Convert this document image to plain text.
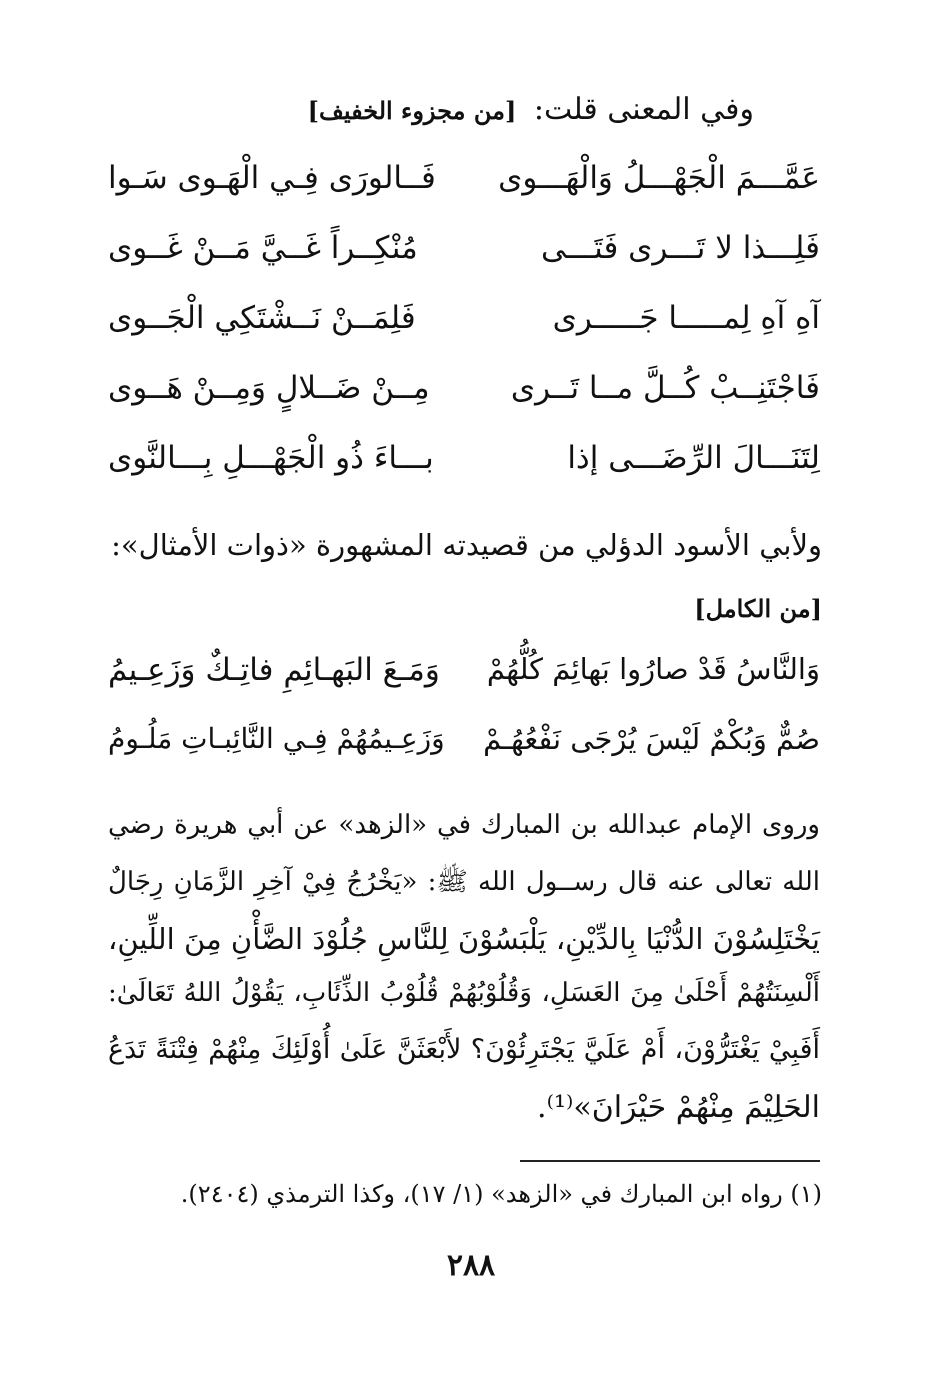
وفي المعنى قلت: [من مجزوء الخفيف]
عَمَّـــمَ الْجَهْـــلُ وَالْهَـــوى
فَــالورَى فِـي الْهَـوى سَـوا
فَلِـــذا لا تَـــرى فَتَـــى
مُنْكِــراً غَــيَّ مَــنْ غَــوى
آهِ آهِ لِمـــــا جَـــــرى
فَلِمَــنْ نَــشْتَكِي الْجَــوى
فَاجْتَنِــبْ كُــلَّ مــا تَــرى
مِــنْ ضَــلالٍ وَمِــنْ هَــوى
لِتَنَـــالَ الرِّضَـــى إذا
بـــاءَ ذُو الْجَهْـــلِ بِـــالنَّوى
ولأبي الأسود الدؤلي من قصيدته المشهورة «ذوات الأمثال»:
[من الكامل]
وَالنَّاسُ قَدْ صارُوا بَهائِمَ كُلُّهُمْ
وَمَـعَ البَهـائِمِ فاتِـكٌ وَزَعِـيمُ
صُمٌّ وَبُكْمٌ لَيْسَ يُرْجَى نَفْعُهُـمْ
وَزَعِـيمُهُمْ فِـي النَّائِبـاتِ مَلُـومُ
وروى الإمام عبدالله بن المبارك في «الزهد» عن أبي هريرة رضي
الله تعالى عنه قال رســول الله ﷺ: «يَخْرُجُ فِيْ آخِرِ الزَّمَانِ رِجَالٌ
يَخْتَلِسُوْنَ الدُّنْيَا بِالدِّيْنِ، يَلْبَسُوْنَ لِلنَّاسِ جُلُوْدَ الضَّأْنِ مِنَ اللِّينِ،
أَلْسِنَتُهُمْ أَحْلَىٰ مِنَ العَسَلِ، وَقُلُوْبُهُمْ قُلُوْبُ الذِّئَابِ، يَقُوْلُ اللهُ تَعَالَىٰ:
أَفَبِيْ يَغْتَرُّوْنَ، أَمْ عَلَيَّ يَجْتَرِئُوْنَ؟ لأَبْعَثَنَّ عَلَىٰ أُوْلَئِكَ مِنْهُمْ فِتْنَةً تَدَعُ
الحَلِيْمَ مِنْهُمْ حَيْرَانَ»⁽¹⁾.
(١) رواه ابن المبارك في «الزهد» (١/ ١٧)، وكذا الترمذي (٢٤٠٤).
٢٨٨
